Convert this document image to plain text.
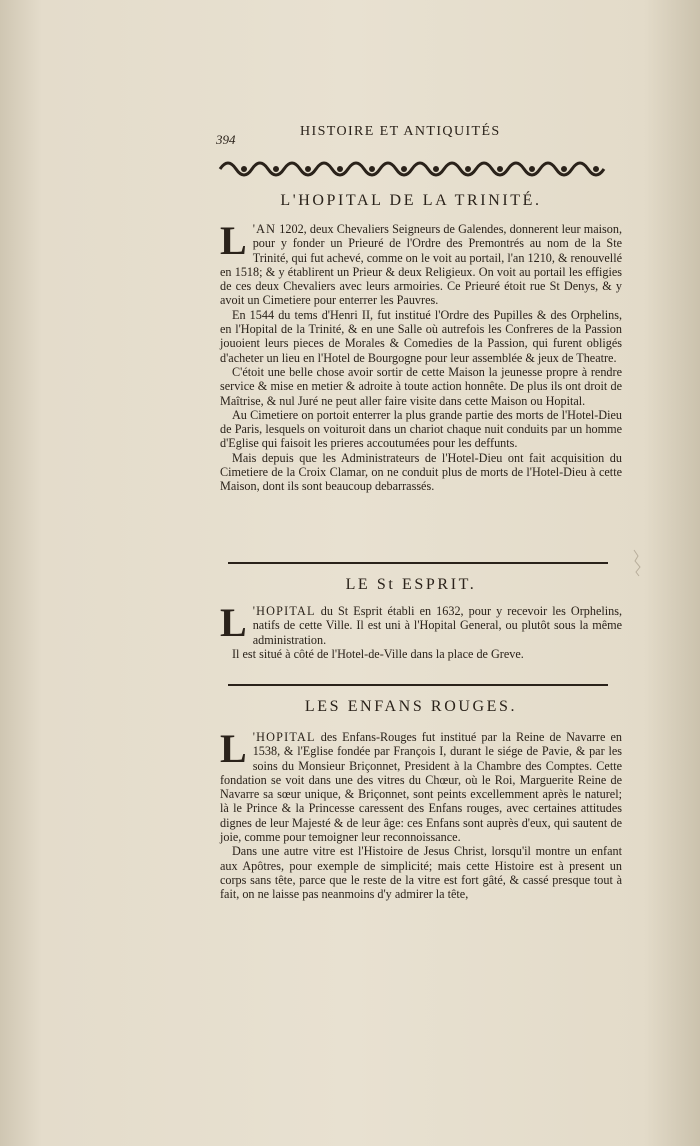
394
HISTOIRE ET ANTIQUITÉS
L'HOPITAL DE LA TRINITÉ.

L 'AN 1202, deux Chevaliers Seigneurs de Galendes, donnerent leur maison, pour y fonder un Prieuré de l'Ordre des Premontrés au nom de la Ste Trinité, qui fut achevé, comme on le voit au portail, l'an 1210, & renouvellé en 1518; & y établirent un Prieur & deux Religieux. On voit au portail les effigies de ces deux Chevaliers avec leurs armoiries. Ce Prieuré étoit rue St Denys, & y avoit un Cimetiere pour enterrer les Pauvres.

En 1544 du tems d'Henri II, fut institué l'Ordre des Pupilles & des Orphelins, en l'Hopital de la Trinité, & en une Salle où autrefois les Confreres de la Passion jouoient leurs pieces de Morales & Comedies de la Passion, qui furent obligés d'acheter un lieu en l'Hotel de Bourgogne pour leur assemblée & jeux de Theatre.

C'étoit une belle chose avoir sortir de cette Maison la jeunesse propre à rendre service & mise en metier & adroite à toute action honnête. De plus ils ont droit de Maîtrise, & nul Juré ne peut aller faire visite dans cette Maison ou Hopital.

Au Cimetiere on portoit enterrer la plus grande partie des morts de l'Hotel-Dieu de Paris, lesquels on voituroit dans un chariot chaque nuit conduits par un homme d'Eglise qui faisoit les prieres accoutumées pour les deffunts.

Mais depuis que les Administrateurs de l'Hotel-Dieu ont fait acquisition du Cimetiere de la Croix Clamar, on ne conduit plus de morts de l'Hotel-Dieu à cette Maison, dont ils sont beaucoup debarrassés.

LE St ESPRIT.

L 'HOPITAL du St Esprit établi en 1632, pour y recevoir les Orphelins, natifs de cette Ville. Il est uni à l'Hopital General, ou plutôt sous la même administration.

Il est situé à côté de l'Hotel-de-Ville dans la place de Greve.

LES ENFANS ROUGES.

L 'HOPITAL des Enfans-Rouges fut institué par la Reine de Navarre en 1538, & l'Eglise fondée par François I, durant le siége de Pavie, & par les soins du Monsieur Briçonnet, President à la Chambre des Comptes. Cette fondation se voit dans une des vitres du Chœur, où le Roi, Marguerite Reine de Navarre sa sœur unique, & Briçonnet, sont peints excellemment après le naturel; là le Prince & la Princesse caressent des Enfans rouges, avec certaines attitudes dignes de leur Majesté & de leur âge: ces Enfans sont auprès d'eux, qui sautent de joie, comme pour temoigner leur reconnoissance.

Dans une autre vitre est l'Histoire de Jesus Christ, lorsqu'il montre un enfant aux Apôtres, pour exemple de simplicité; mais cette Histoire est à present un corps sans tête, parce que le reste de la vitre est fort gâté, & cassé presque tout à fait, on ne laisse pas neanmoins d'y admirer la tête,
